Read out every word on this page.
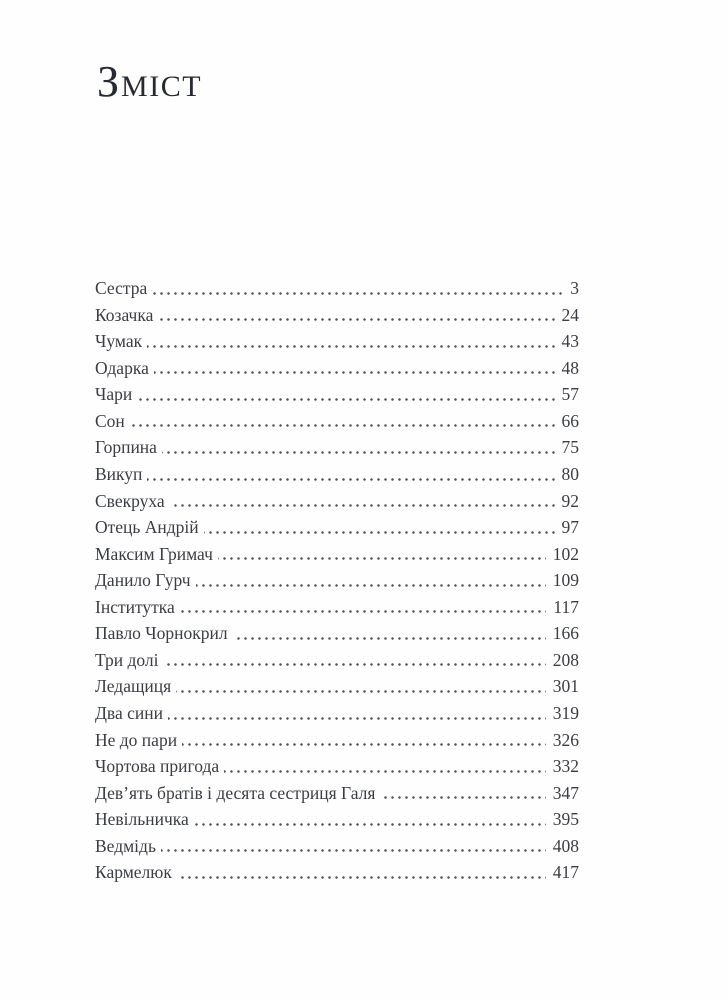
ЗМІСТ
Сестра	3
Козачка	24
Чумак	43
Одарка	48
Чари	57
Сон	66
Горпина	75
Викуп	80
Свекруха	92
Отець Андрій	97
Максим Гримач	102
Данило Гурч	109
Інститутка	117
Павло Чорнокрил	166
Три долі	208
Ледащиця	301
Два сини	319
Не до пари	326
Чортова пригода	332
Дев’ять братів і десята сестриця Галя	347
Невільничка	395
Ведмідь	408
Кармелюк	417
